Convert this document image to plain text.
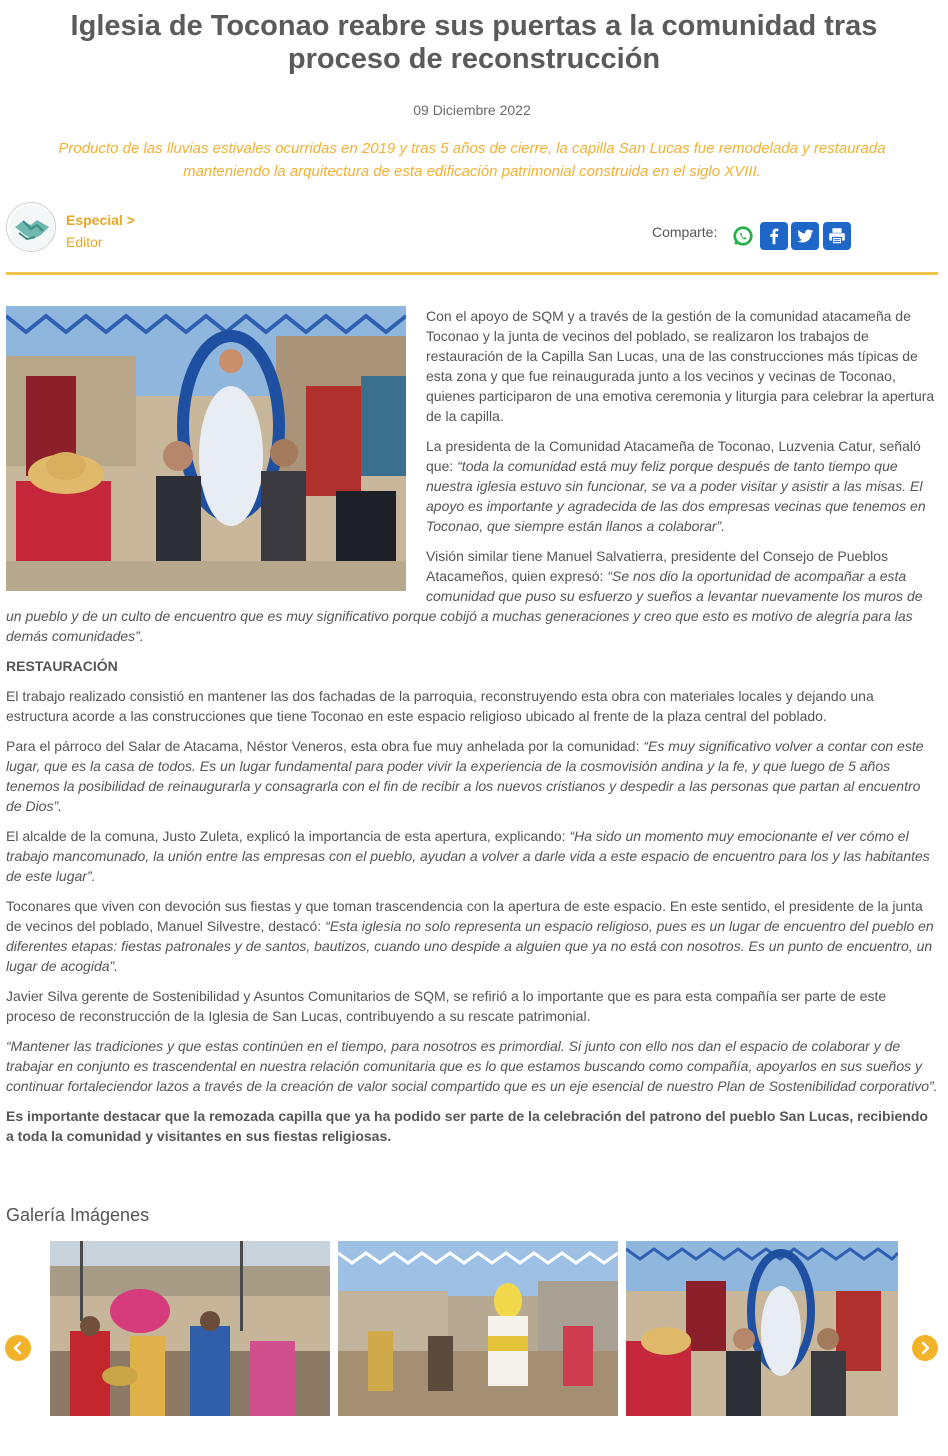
Iglesia de Toconao reabre sus puertas a la comunidad tras proceso de reconstrucción
09 Diciembre 2022

Producto de las lluvias estivales ocurridas en 2019 y tras 5 años de cierre, la capilla San Lucas fue remodelada y restaurada manteniendo la arquitectura de esta edificación patrimonial construida en el siglo XVIII.

Especial >
Editor
Comparte:

Con el apoyo de SQM y a través de la gestión de la comunidad atacameña de Toconao y la junta de vecinos del poblado, se realizaron los trabajos de restauración de la Capilla San Lucas, una de las construcciones más típicas de esta zona y que fue reinaugurada junto a los vecinos y vecinas de Toconao, quienes participaron de una emotiva ceremonia y liturgia para celebrar la apertura de la capilla.

La presidenta de la Comunidad Atacameña de Toconao, Luzvenia Catur, señaló que: “toda la comunidad está muy feliz porque después de tanto tiempo que nuestra iglesia estuvo sin funcionar, se va a poder visitar y asistir a las misas. El apoyo es importante y agradecida de las dos empresas vecinas que tenemos en Toconao, que siempre están llanos a colaborar”.

Visión similar tiene Manuel Salvatierra, presidente del Consejo de Pueblos Atacameños, quien expresó: “Se nos dio la oportunidad de acompañar a esta comunidad que puso su esfuerzo y sueños a levantar nuevamente los muros de un pueblo y de un culto de encuentro que es muy significativo porque cobijó a muchas generaciones y creo que esto es motivo de alegría para las demás comunidades”.

RESTAURACIÓN

El trabajo realizado consistió en mantener las dos fachadas de la parroquia, reconstruyendo esta obra con materiales locales y dejando una estructura acorde a las construcciones que tiene Toconao en este espacio religioso ubicado al frente de la plaza central del poblado.

Para el párroco del Salar de Atacama, Néstor Veneros, esta obra fue muy anhelada por la comunidad: “Es muy significativo volver a contar con este lugar, que es la casa de todos. Es un lugar fundamental para poder vivir la experiencia de la cosmovisión andina y la fe, y que luego de 5 años tenemos la posibilidad de reinaugurarla y consagrarla con el fin de recibir a los nuevos cristianos y despedir a las personas que partan al encuentro de Dios”.

El alcalde de la comuna, Justo Zuleta, explicó la importancia de esta apertura, explicando: “Ha sido un momento muy emocionante el ver cómo el trabajo mancomunado, la unión entre las empresas con el pueblo, ayudan a volver a darle vida a este espacio de encuentro para los y las habitantes de este lugar”.

Toconares que viven con devoción sus fiestas y que toman trascendencia con la apertura de este espacio. En este sentido, el presidente de la junta de vecinos del poblado, Manuel Silvestre, destacó: “Esta iglesia no solo representa un espacio religioso, pues es un lugar de encuentro del pueblo en diferentes etapas: fiestas patronales y de santos, bautizos, cuando uno despide a alguien que ya no está con nosotros. Es un punto de encuentro, un lugar de acogida”.

Javier Silva gerente de Sostenibilidad y Asuntos Comunitarios de SQM, se refirió a lo importante que es para esta compañía ser parte de este proceso de reconstrucción de la Iglesia de San Lucas, contribuyendo a su rescate patrimonial.

“Mantener las tradiciones y que estas continúen en el tiempo, para nosotros es primordial. Si junto con ello nos dan el espacio de colaborar y de trabajar en conjunto es trascendental en nuestra relación comunitaria que es lo que estamos buscando como compañía, apoyarlos en sus sueños y continuar fortaleciendor lazos a través de la creación de valor social compartido que es un eje esencial de nuestro Plan de Sostenibilidad corporativo”.

Es importante destacar que la remozada capilla que ya ha podido ser parte de la celebración del patrono del pueblo San Lucas, recibiendo a toda la comunidad y visitantes en sus fiestas religiosas.

Galería Imágenes
